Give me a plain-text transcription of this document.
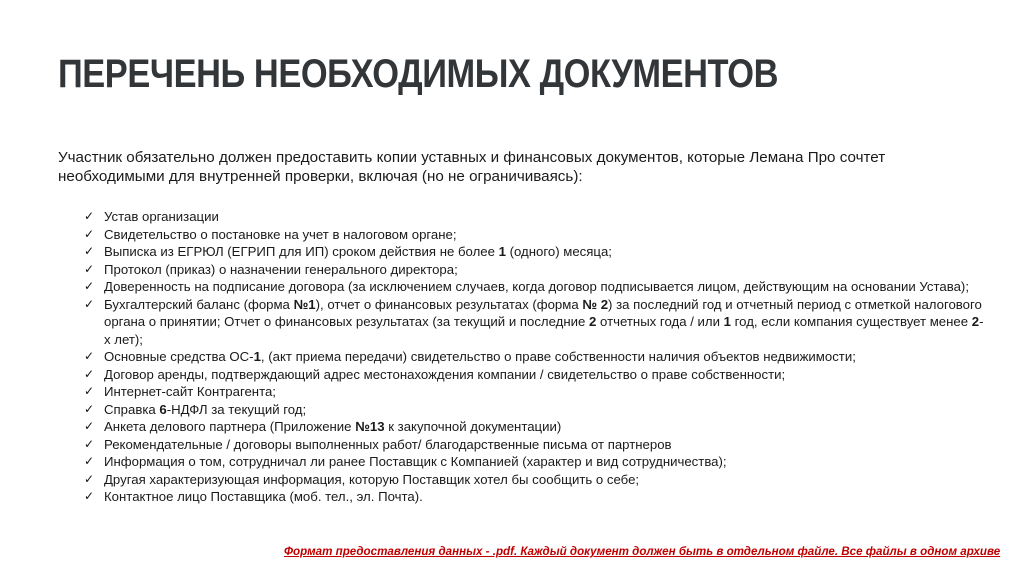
ПЕРЕЧЕНЬ НЕОБХОДИМЫХ ДОКУМЕНТОВ
Участник обязательно должен предоставить копии уставных и финансовых документов, которые Лемана Про сочтет
необходимыми для внутренней проверки, включая (но не ограничиваясь):
✓ Устав организации
✓ Свидетельство о постановке на учет в налоговом органе;
✓ Выписка из ЕГРЮЛ (ЕГРИП для ИП) сроком действия не более 1 (одного) месяца;
✓ Протокол (приказ) о назначении генерального директора;
✓ Доверенность на подписание договора (за исключением случаев, когда договор подписывается лицом, действующим на основании Устава);
✓ Бухгалтерский баланс (форма №1), отчет о финансовых результатах (форма № 2) за последний год и отчетный период с отметкой налогового органа о принятии; Отчет о финансовых результатах (за текущий и последние 2 отчетных года / или 1 год, если компания существует менее 2-х лет);
✓ Основные средства ОС-1, (акт приема передачи) свидетельство о праве собственности наличия объектов недвижимости;
✓ Договор аренды, подтверждающий адрес местонахождения компании / свидетельство о праве собственности;
✓ Интернет-сайт Контрагента;
✓ Справка 6-НДФЛ за текущий год;
✓ Анкета делового партнера (Приложение №13 к закупочной документации)
✓ Рекомендательные / договоры выполненных работ/ благодарственные письма от партнеров
✓ Информация о том, сотрудничал ли ранее Поставщик с Компанией (характер и вид сотрудничества);
✓ Другая характеризующая информация, которую Поставщик хотел бы сообщить о себе;
✓ Контактное лицо Поставщика (моб. тел., эл. Почта).
Формат предоставления данных - .pdf. Каждый документ должен быть в отдельном файле. Все файлы в одном архиве
